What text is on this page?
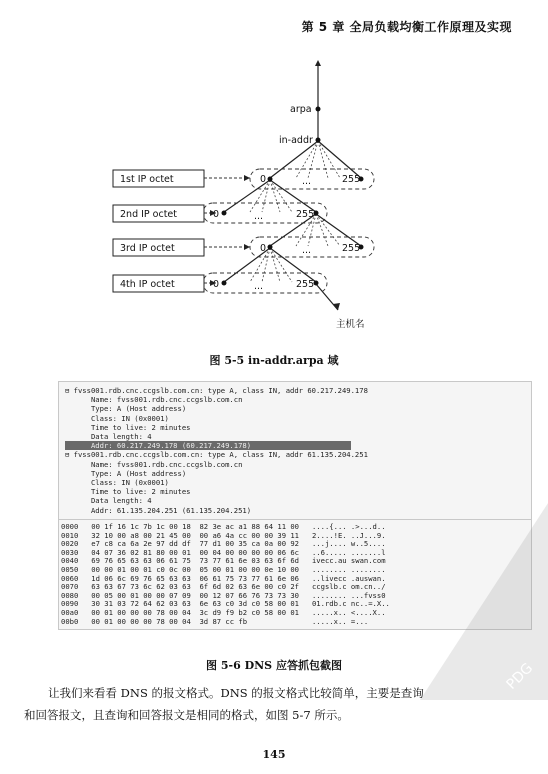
第 5 章 全局负载均衡工作原理及实现
arpa
in-addr
1st IP octet
2nd IP octet
3rd IP octet
4th IP octet
0	...	255
0	...	255
0	...	255
0	...	255
主机名
图 5-5 in-addr.arpa 域
⊟ fvss001.rdb.cnc.ccgslb.com.cn: type A, class IN, addr 60.217.249.178
Name: fvss001.rdb.cnc.ccgslb.com.cn
Type: A (Host address)
Class: IN (0x0001)
Time to live: 2 minutes
Data length: 4
Addr: 60.217.249.178 (60.217.249.178)
⊟ fvss001.rdb.cnc.ccgslb.com.cn: type A, class IN, addr 61.135.204.251
Name: fvss001.rdb.cnc.ccgslb.com.cn
Type: A (Host address)
Class: IN (0x0001)
Time to live: 2 minutes
Data length: 4
Addr: 61.135.204.251 (61.135.204.251)
0000   00 1f 16 1c 7b 1c 00 18  82 3e ac a1 88 64 11 00   ....{... .>...d..
0010   32 10 00 a8 00 21 45 00  00 a6 4a cc 00 00 39 11   2....!E. ..J...9.
0020   e7 c8 ca 6a 2e 97 dd df  77 d1 00 35 ca 0a 00 92   ...j.... w..5....
0030   04 07 36 02 81 80 00 01  00 04 00 00 00 00 06 6c   ..6..... .......l
0040   69 76 65 63 63 06 61 75  73 77 61 6e 03 63 6f 6d   ivecc.au swan.com
0050   00 00 01 00 01 c0 0c 00  05 00 01 00 00 0e 10 00   ........ ........
0060   1d 06 6c 69 76 65 63 63  06 61 75 73 77 61 6e 06   ..livecc .auswan.
0070   63 63 67 73 6c 62 03 63  6f 6d 02 63 6e 00 c0 2f   ccgslb.c om.cn../
0080   00 05 00 01 00 00 07 09  00 12 07 66 76 73 73 30   ........ ...fvss0
0090   30 31 03 72 64 62 03 63  6e 63 c0 3d c0 58 00 01   01.rdb.c nc..=.X..
00a0   00 01 00 00 00 78 00 04  3c d9 f9 b2 c0 58 00 01   .....x.. <....X..
00b0   00 01 00 00 00 78 00 04  3d 87 cc fb               .....x.. =...
图 5-6 DNS 应答抓包截图
让我们来看看 DNS 的报文格式。DNS 的报文格式比较简单，主要是查询
和回答报文，且查询和回答报文是相同的格式，如图 5-7 所示。
145
PDG
